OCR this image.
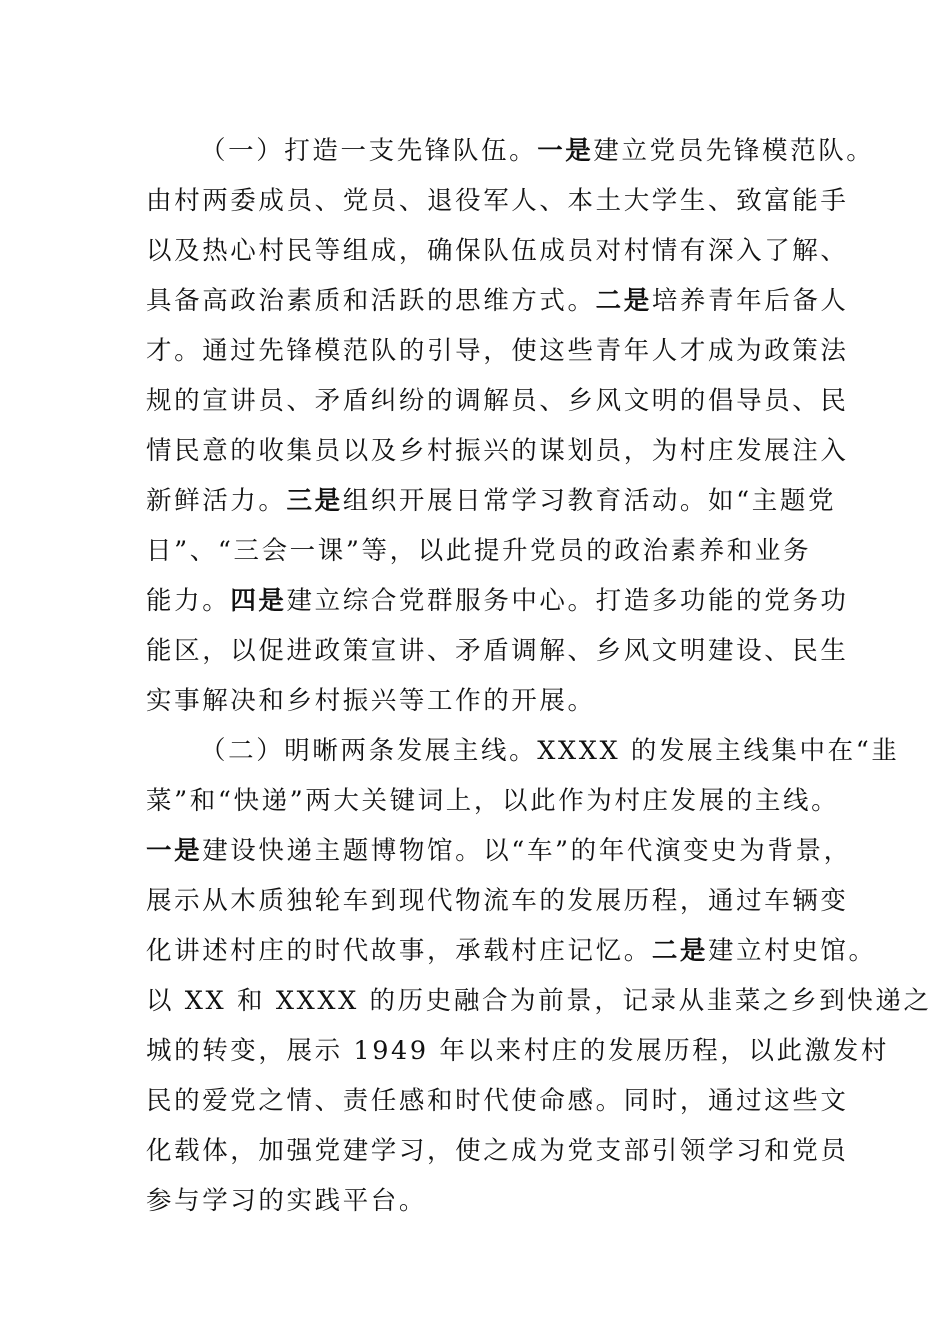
（一）打造一支先锋队伍。一是建立党员先锋模范队。
由村两委成员、党员、退役军人、本土大学生、致富能手
以及热心村民等组成，确保队伍成员对村情有深入了解、
具备高政治素质和活跃的思维方式。二是培养青年后备人
才。通过先锋模范队的引导，使这些青年人才成为政策法
规的宣讲员、矛盾纠纷的调解员、乡风文明的倡导员、民
情民意的收集员以及乡村振兴的谋划员，为村庄发展注入
新鲜活力。三是组织开展日常学习教育活动。如“主题党
日”、“三会一课”等，以此提升党员的政治素养和业务
能力。四是建立综合党群服务中心。打造多功能的党务功
能区，以促进政策宣讲、矛盾调解、乡风文明建设、民生
实事解决和乡村振兴等工作的开展。
（二）明晰两条发展主线。XXXX 的发展主线集中在“韭
菜”和“快递”两大关键词上，以此作为村庄发展的主线。
一是建设快递主题博物馆。以“车”的年代演变史为背景，
展示从木质独轮车到现代物流车的发展历程，通过车辆变
化讲述村庄的时代故事，承载村庄记忆。二是建立村史馆。
以 XX 和 XXXX 的历史融合为前景，记录从韭菜之乡到快递之
城的转变，展示 1949 年以来村庄的发展历程，以此激发村
民的爱党之情、责任感和时代使命感。同时，通过这些文
化载体，加强党建学习，使之成为党支部引领学习和党员
参与学习的实践平台。
